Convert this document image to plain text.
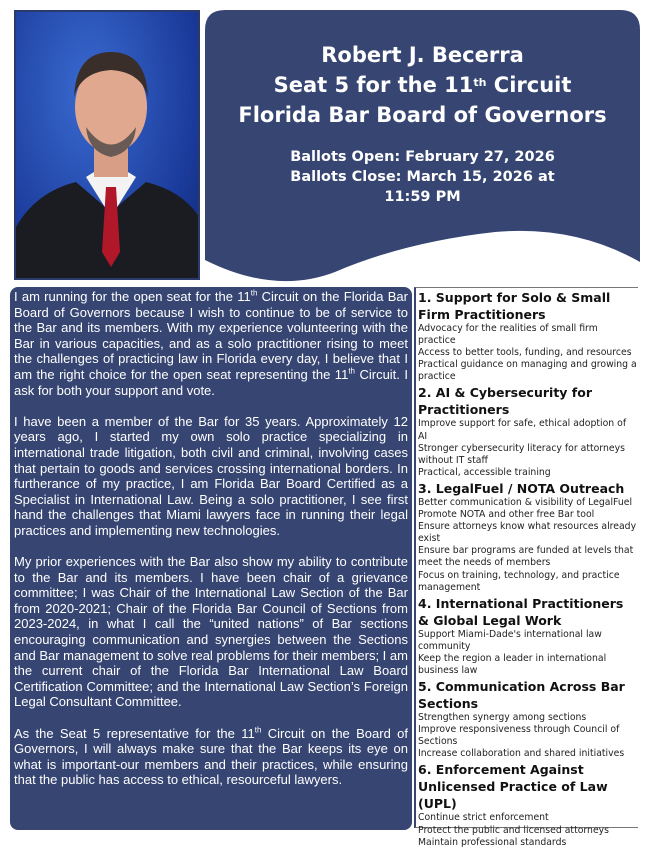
Robert J. Becerra
Seat 5 for the 11th Circuit
Florida Bar Board of Governors
Ballots Open: February 27, 2026
Ballots Close: March 15, 2026 at
11:59 PM

I am running for the open seat for the 11th Circuit on the Florida Bar Board of Governors because I wish to continue to be of service to the Bar and its members. With my experience volunteering with the Bar in various capacities, and as a solo practitioner rising to meet the challenges of practicing law in Florida every day, I believe that I am the right choice for the open seat representing the 11th Circuit. I ask for both your support and vote.

I have been a member of the Bar for 35 years. Approximately 12 years ago, I started my own solo practice specializing in international trade litigation, both civil and criminal, involving cases that pertain to goods and services crossing international borders. In furtherance of my practice, I am Florida Bar Board Certified as a Specialist in International Law. Being a solo practitioner, I see first hand the challenges that Miami lawyers face in running their legal practices and implementing new technologies.

My prior experiences with the Bar also show my ability to contribute to the Bar and its members. I have been chair of a grievance committee; I was Chair of the International Law Section of the Bar from 2020-2021; Chair of the Florida Bar Council of Sections from 2023-2024, in what I call the “united nations” of Bar sections encouraging communication and synergies between the Sections and Bar management to solve real problems for their members; I am the current chair of the Florida Bar International Law Board Certification Committee; and the International Law Section’s Foreign Legal Consultant Committee.

As the Seat 5 representative for the 11th Circuit on the Board of Governors, I will always make sure that the Bar keeps its eye on what is important-our members and their practices, while ensuring that the public has access to ethical, resourceful lawyers.

1. Support for Solo & Small Firm Practitioners
Advocacy for the realities of small firm practice
Access to better tools, funding, and resources
Practical guidance on managing and growing a practice
2. AI & Cybersecurity for Practitioners
Improve support for safe, ethical adoption of AI
Stronger cybersecurity literacy for attorneys without IT staff
Practical, accessible training
3. LegalFuel / NOTA Outreach
Better communication & visibility of LegalFuel
Promote NOTA and other free Bar tool
Ensure attorneys know what resources already exist
Ensure bar programs are funded at levels that meet the needs of members
Focus on training, technology, and practice management
4. International Practitioners & Global Legal Work
Support Miami-Dade's international law community
Keep the region a leader in international business law
5. Communication Across Bar Sections
Strengthen synergy among sections
Improve responsiveness through Council of Sections
Increase collaboration and shared initiatives
6. Enforcement Against Unlicensed Practice of Law (UPL)
Continue strict enforcement
Protect the public and licensed attorneys
Maintain professional standards
